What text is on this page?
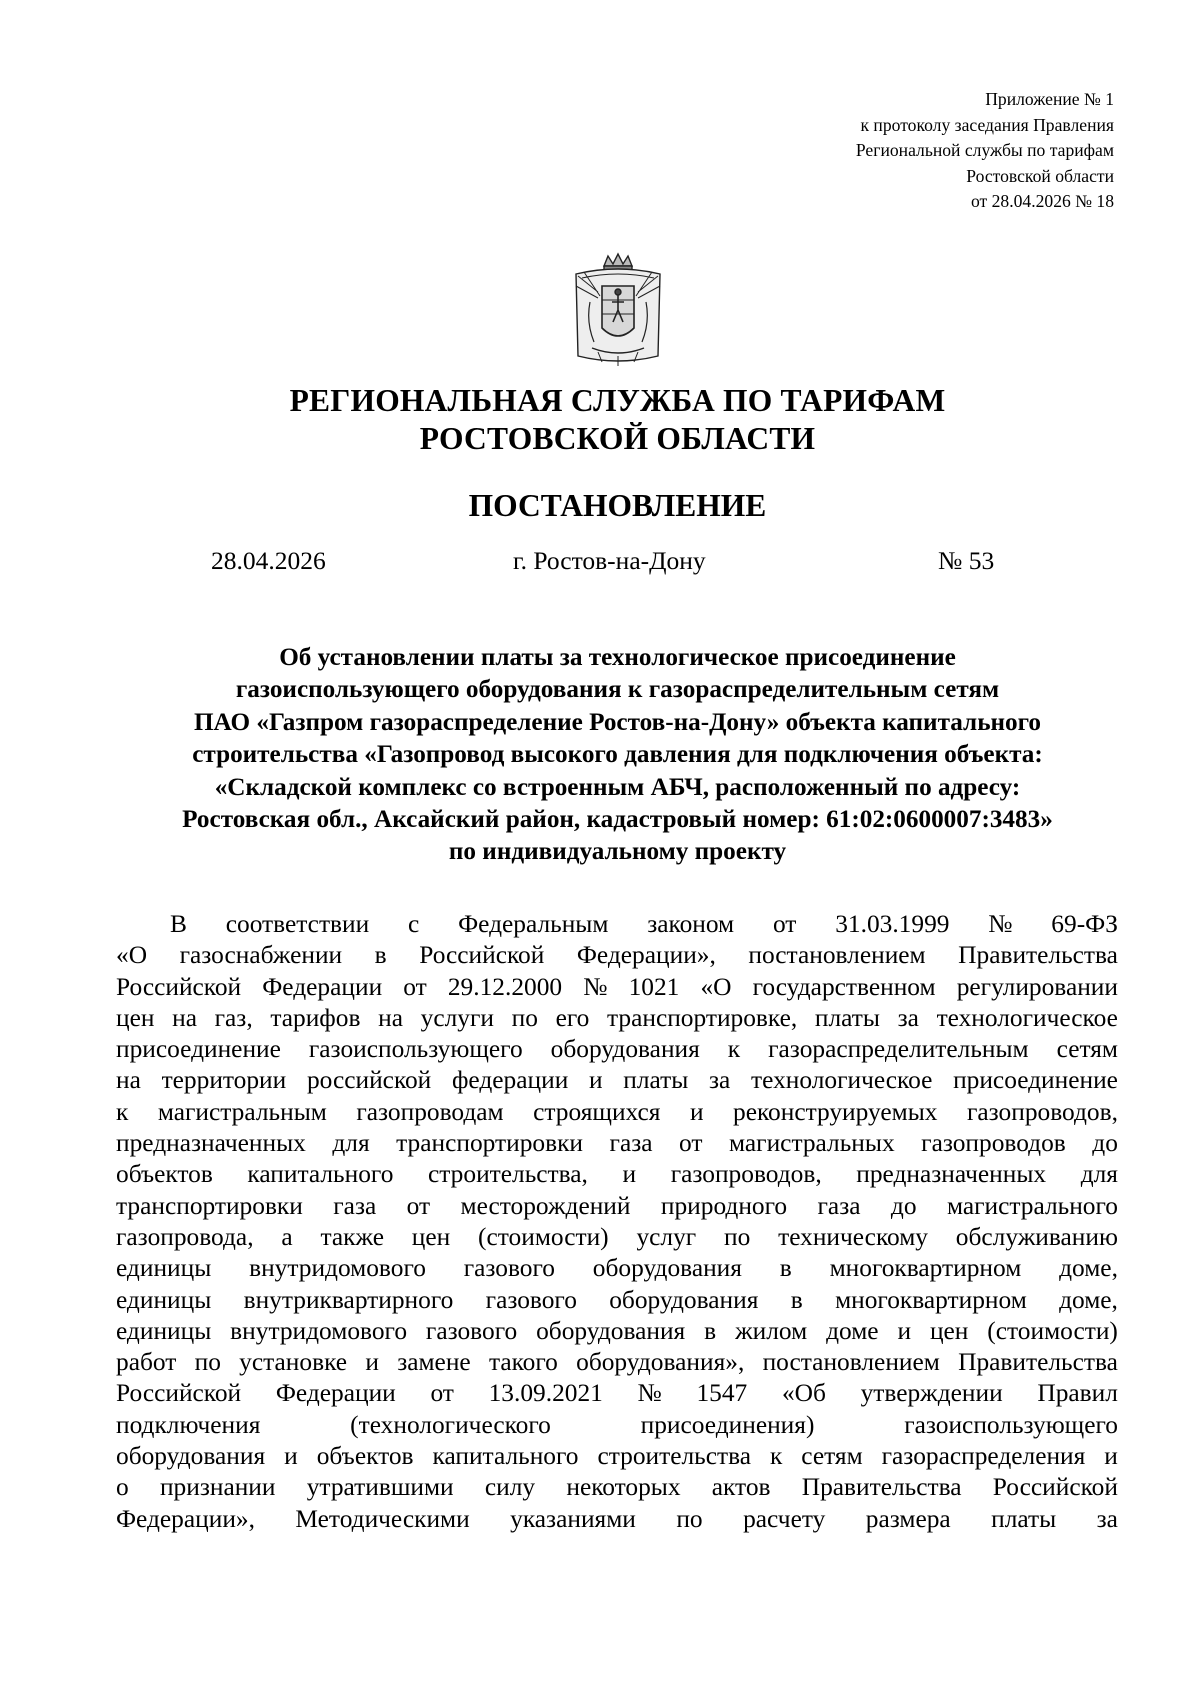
Приложение № 1
к протоколу заседания Правления
Региональной службы по тарифам
Ростовской области
от 28.04.2026 № 18
РЕГИОНАЛЬНАЯ СЛУЖБА ПО ТАРИФАМ
РОСТОВСКОЙ ОБЛАСТИ
ПОСТАНОВЛЕНИЕ
28.04.2026	г. Ростов-на-Дону	№ 53
Об установлении платы за технологическое присоединение
газоиспользующего оборудования к газораспределительным сетям
ПАО «Газпром газораспределение Ростов-на-Дону» объекта капитального
строительства «Газопровод высокого давления для подключения объекта:
«Складской комплекс со встроенным АБЧ, расположенный по адресу:
Ростовская обл., Аксайский район, кадастровый номер: 61:02:0600007:3483»
по индивидуальному проекту
В соответствии с Федеральным законом от 31.03.1999 № 69-ФЗ
«О газоснабжении в Российской Федерации», постановлением Правительства
Российской Федерации от 29.12.2000 № 1021 «О государственном регулировании
цен на газ, тарифов на услуги по его транспортировке, платы за технологическое
присоединение газоиспользующего оборудования к газораспределительным сетям
на территории российской федерации и платы за технологическое присоединение
к магистральным газопроводам строящихся и реконструируемых газопроводов,
предназначенных для транспортировки газа от магистральных газопроводов до
объектов капитального строительства, и газопроводов, предназначенных для
транспортировки газа от месторождений природного газа до магистрального
газопровода, а также цен (стоимости) услуг по техническому обслуживанию
единицы внутридомового газового оборудования в многоквартирном доме,
единицы внутриквартирного газового оборудования в многоквартирном доме,
единицы внутридомового газового оборудования в жилом доме и цен (стоимости)
работ по установке и замене такого оборудования», постановлением Правительства
Российской Федерации от 13.09.2021 № 1547 «Об утверждении Правил
подключения	(технологического	присоединения)	газоиспользующего
оборудования и объектов капитального строительства к сетям газораспределения и
о признании утратившими силу некоторых актов Правительства Российской
Федерации», Методическими указаниями по расчету размера платы за
